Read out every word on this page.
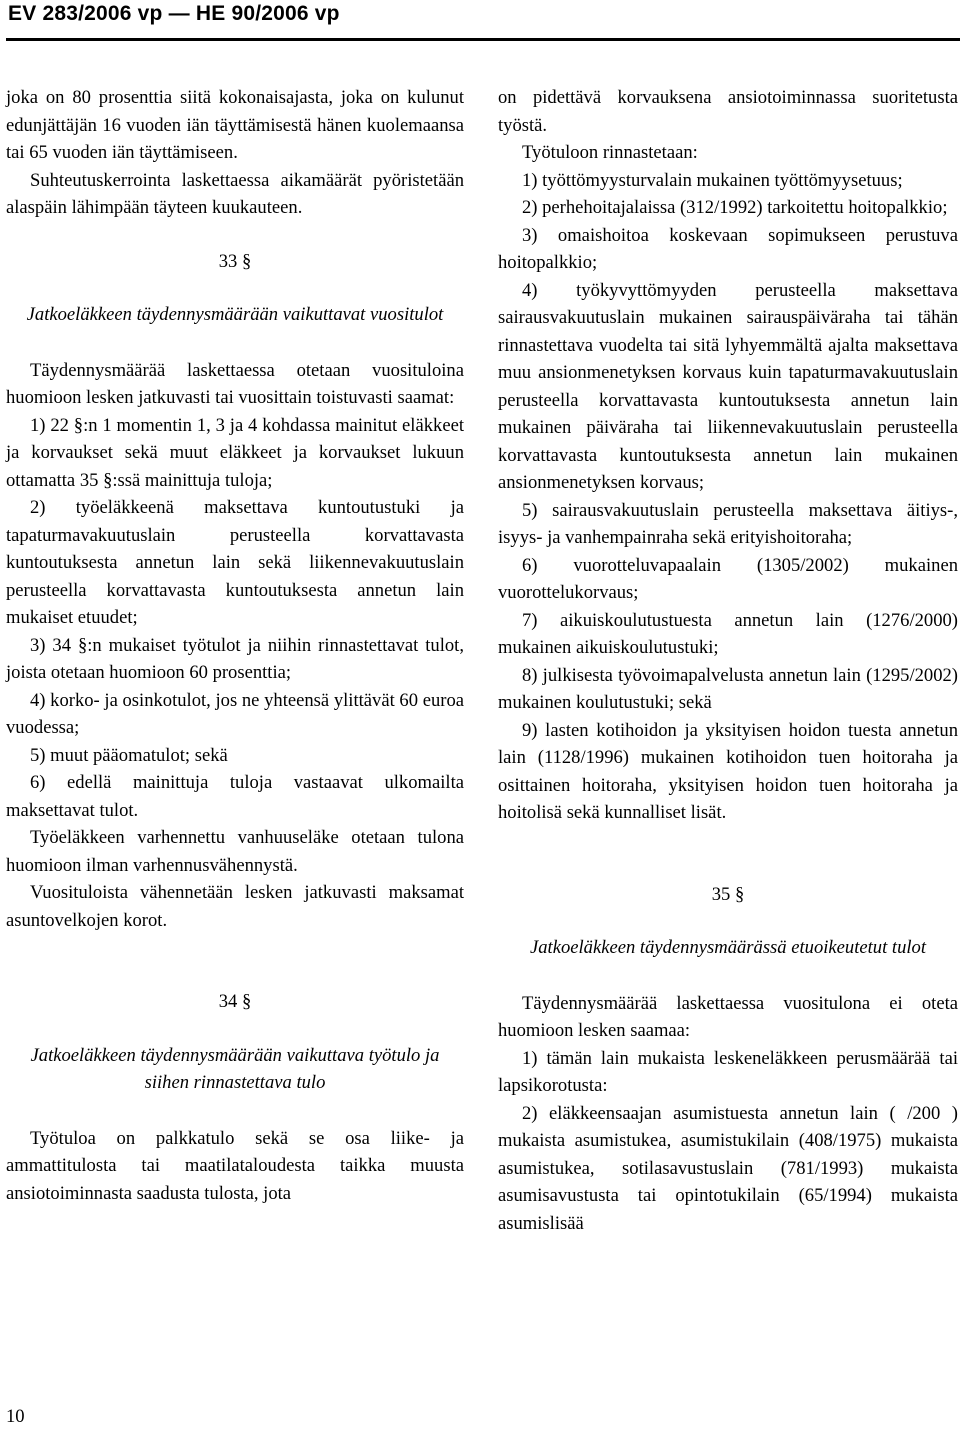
EV 283/2006 vp — HE 90/2006 vp

joka on 80 prosenttia siitä kokonaisajasta, joka on kulunut edunjättäjän 16 vuoden iän täyttämisestä hänen kuolemaansa tai 65 vuoden iän täyttämiseen.

Suhteutuskerrointa laskettaessa aikamäärät pyöristetään alaspäin lähimpään täyteen kuukauteen.

33 §

Jatkoeläkkeen täydennysmäärään vaikuttavat vuositulot

Täydennysmäärää laskettaessa otetaan vuosituloina huomioon lesken jatkuvasti tai vuosittain toistuvasti saamat:

1) 22 §:n 1 momentin 1, 3 ja 4 kohdassa mainitut eläkkeet ja korvaukset sekä muut eläkkeet ja korvaukset lukuun ottamatta 35 §:ssä mainittuja tuloja;

2) työeläkkeenä maksettava kuntoutustuki ja tapaturmavakuutuslain perusteella korvattavasta kuntoutuksesta annetun lain sekä liikennevakuutuslain perusteella korvattavasta kuntoutuksesta annetun lain mukaiset etuudet;

3) 34 §:n mukaiset työtulot ja niihin rinnastettavat tulot, joista otetaan huomioon 60 prosenttia;

4) korko- ja osinkotulot, jos ne yhteensä ylittävät 60 euroa vuodessa;

5) muut pääomatulot; sekä

6) edellä mainittuja tuloja vastaavat ulkomailta maksettavat tulot.

Työeläkkeen varhennettu vanhuuseläke otetaan tulona huomioon ilman varhennusvähennystä.

Vuosituloista vähennetään lesken jatkuvasti maksamat asuntovelkojen korot.

34 §

Jatkoeläkkeen täydennysmäärään vaikuttava työtulo ja siihen rinnastettava tulo

Työtuloa on palkkatulo sekä se osa liike- ja ammattitulosta tai maatilataloudesta taikka muusta ansiotoiminnasta saadusta tulosta, jota

on pidettävä korvauksena ansiotoiminnassa suoritetusta työstä.

Työtuloon rinnastetaan:

1) työttömyysturvalain mukainen työttömyysetuus;

2) perhehoitajalaissa (312/1992) tarkoitettu hoitopalkkio;

3) omaishoitoa koskevaan sopimukseen perustuva hoitopalkkio;

4) työkyvyttömyyden perusteella maksettava sairausvakuutuslain mukainen sairauspäiväraha tai tähän rinnastettava vuodelta tai sitä lyhyemmältä ajalta maksettava muu ansionmenetyksen korvaus kuin tapaturmavakuutuslain perusteella korvattavasta kuntoutuksesta annetun lain mukainen päiväraha tai liikennevakuutuslain perusteella korvattavasta kuntoutuksesta annetun lain mukainen ansionmenetyksen korvaus;

5) sairausvakuutuslain perusteella maksettava äitiys-, isyys- ja vanhempainraha sekä erityishoitoraha;

6) vuorotteluvapaalain (1305/2002) mukainen vuorottelukorvaus;

7) aikuiskoulutustuesta annetun lain (1276/2000) mukainen aikuiskoulutustuki;

8) julkisesta työvoimapalvelusta annetun lain (1295/2002) mukainen koulutustuki; sekä

9) lasten kotihoidon ja yksityisen hoidon tuesta annetun lain (1128/1996) mukainen kotihoidon tuen hoitoraha ja osittainen hoitoraha, yksityisen hoidon tuen hoitoraha ja hoitolisä sekä kunnalliset lisät.

35 §

Jatkoeläkkeen täydennysmäärässä etuoikeutetut tulot

Täydennysmäärää laskettaessa vuositulona ei oteta huomioon lesken saamaa:

1) tämän lain mukaista leskeneläkkeen perusmäärää tai lapsikorotusta:

2) eläkkeensaajan asumistuesta annetun lain ( /200 ) mukaista asumistukea, asumistukilain (408/1975) mukaista asumistukea, sotilasavustuslain (781/1993) mukaista asumisavustusta tai opintotukilain (65/1994) mukaista asumislisää

10
